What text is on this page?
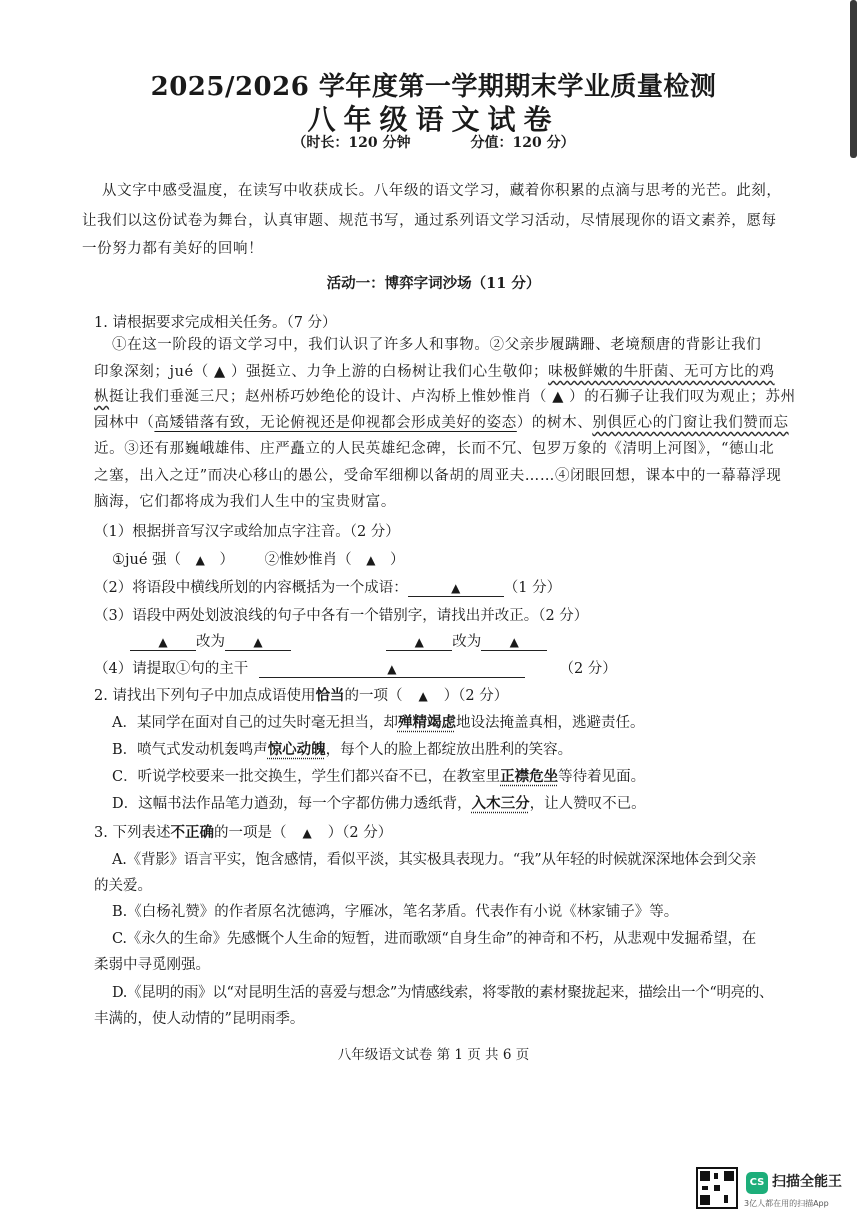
2025/2026 学年度第一学期期末学业质量检测
八年级语文试卷
（时长：120 分钟	分值：120 分）
从文字中感受温度，在读写中收获成长。八年级的语文学习，藏着你积累的点滴与思考的光芒。此刻，
让我们以这份试卷为舞台，认真审题、规范书写，通过系列语文学习活动，尽情展现你的语文素养，愿每
一份努力都有美好的回响！
活动一：博弈字词沙场（11 分）
1. 请根据要求完成相关任务。（7 分）
①在这一阶段的语文学习中，我们认识了许多人和事物。②父亲步履蹒跚、老境颓唐的背影让我们
印象深刻；jué（ ▲ ）强挺立、力争上游的白杨树让我们心生敬仰；味极鲜嫩的牛肝菌、无可方比的鸡
枞挺让我们垂涎三尺；赵州桥巧妙绝伦的设计、卢沟桥上惟妙惟肖（ ▲ ）的石狮子让我们叹为观止；苏州
园林中（高矮错落有致，无论俯视还是仰视都会形成美好的姿态）的树木、别俱匠心的门窗让我们赞而忘
近。③还有那巍峨雄伟、庄严矗立的人民英雄纪念碑，长而不冗、包罗万象的《清明上河图》，“德山北
之塞，出入之迂”而决心移山的愚公，受命军细柳以备胡的周亚夫……④闭眼回想，课本中的一幕幕浮现
脑海，它们都将成为我们人生中的宝贵财富。
（1）根据拼音写汉字或给加点字注音。（2 分）
①jué 强（ ▲ ） ②惟妙惟肖（ ▲ ）
（2）将语段中横线所划的内容概括为一个成语：	▲	（1 分）
（3）语段中两处划波浪线的句子中各有一个错别字，请找出并改正。（2 分）
▲ 改为 ▲	▲ 改为 ▲
（4）请提取①句的主干	▲	（2 分）
2. 请找出下列句子中加点成语使用恰当的一项（ ▲ ）（2 分）
A．某同学在面对自己的过失时毫无担当，却殚精竭虑地设法掩盖真相，逃避责任。
B．喷气式发动机轰鸣声惊心动魄，每个人的脸上都绽放出胜利的笑容。
C．听说学校要来一批交换生，学生们都兴奋不已，在教室里正襟危坐等待着见面。
D．这幅书法作品笔力遒劲，每一个字都仿佛力透纸背，入木三分，让人赞叹不已。
3. 下列表述不正确的一项是（ ▲ ）（2 分）
A.《背影》语言平实，饱含感情，看似平淡，其实极具表现力。“我”从年轻的时候就深深地体会到父亲
的关爱。
B.《白杨礼赞》的作者原名沈德鸿，字雁冰，笔名茅盾。代表作有小说《林家铺子》等。
C.《永久的生命》先感慨个人生命的短暂，进而歌颂“自身生命”的神奇和不朽，从悲观中发掘希望，在
柔弱中寻觅刚强。
D.《昆明的雨》以“对昆明生活的喜爱与想念”为情感线索，将零散的素材聚拢起来，描绘出一个“明亮的、
丰满的，使人动情的”昆明雨季。
八年级语文试卷 第 1 页 共 6 页
CS 扫描全能王
3亿人都在用的扫描App
